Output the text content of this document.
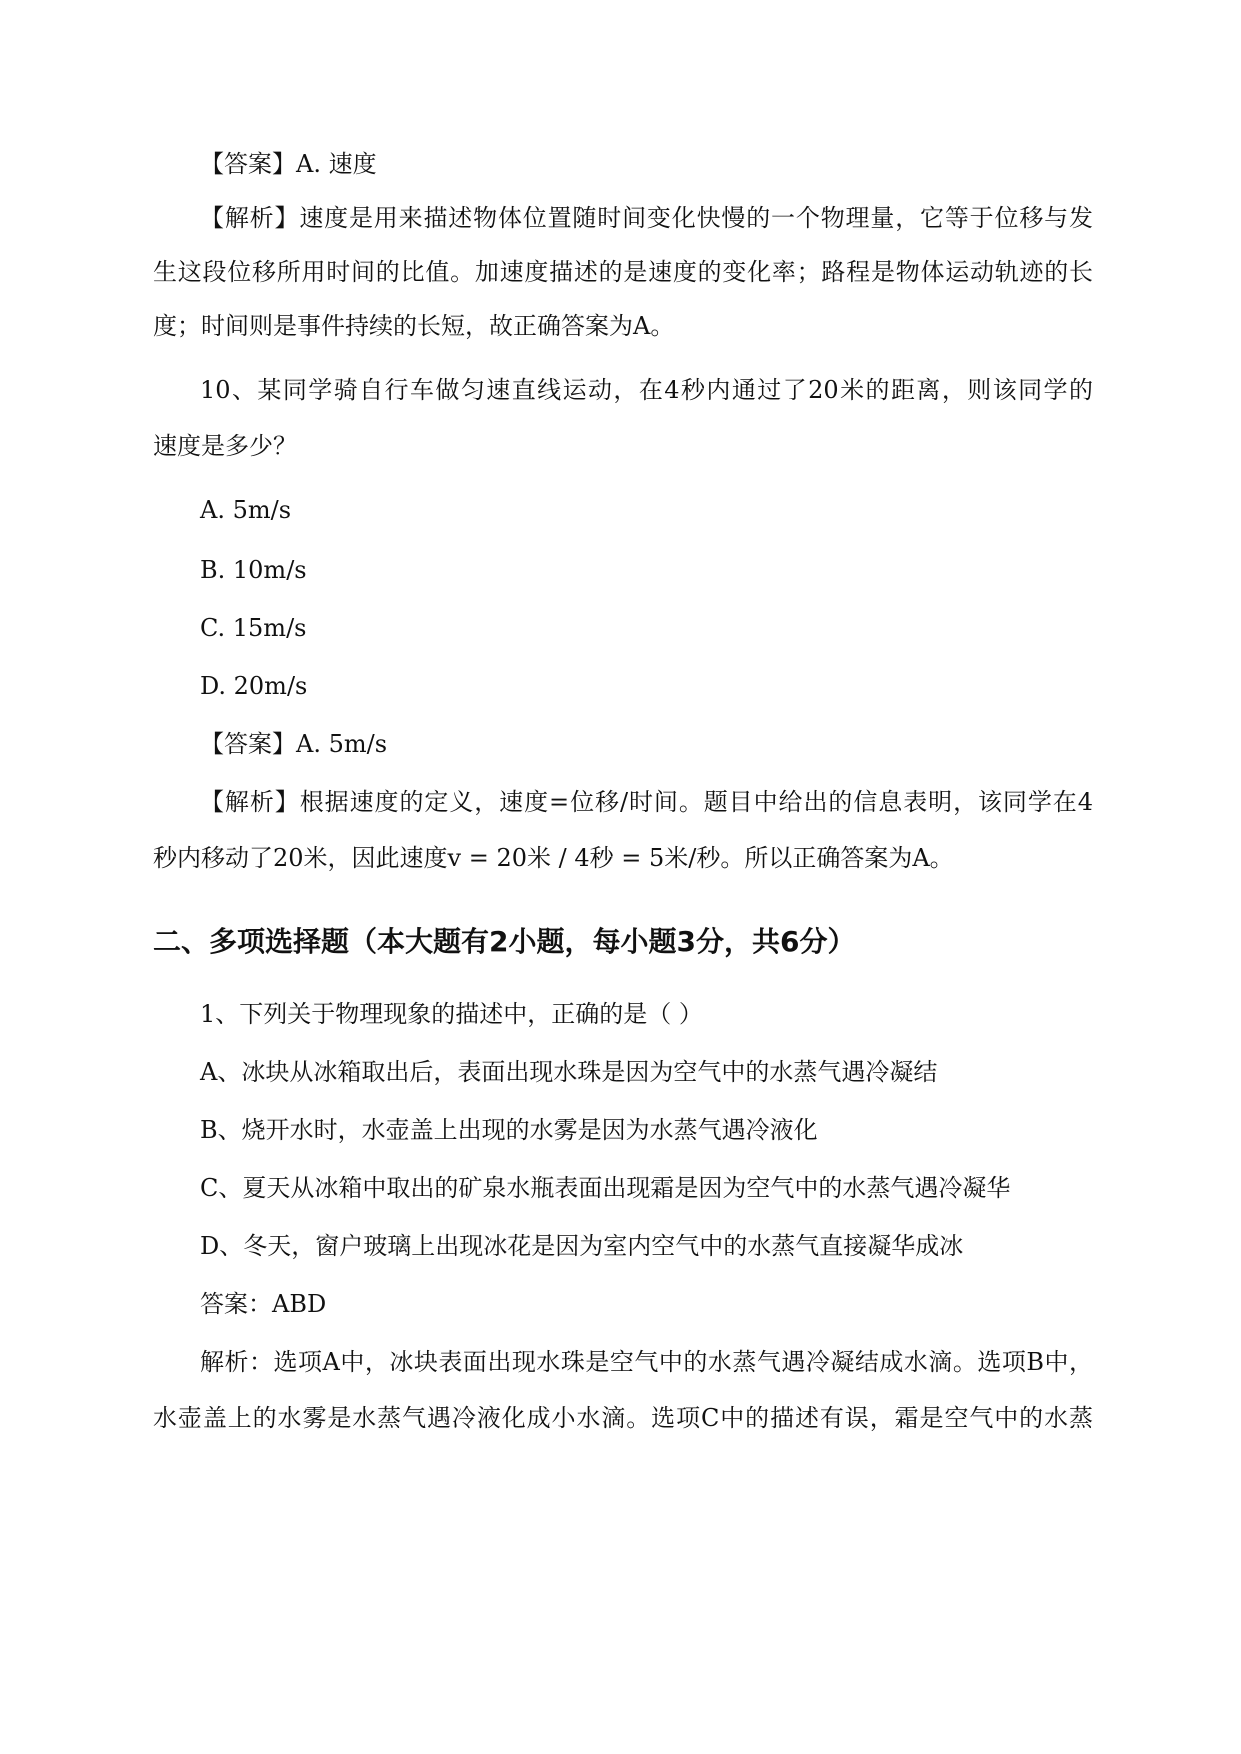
【答案】A. 速度
【解析】速度是用来描述物体位置随时间变化快慢的一个物理量，它等于位移与发
生这段位移所用时间的比值。加速度描述的是速度的变化率；路程是物体运动轨迹的长
度；时间则是事件持续的长短，故正确答案为A。
10、某同学骑自行车做匀速直线运动，在4秒内通过了20米的距离，则该同学的
速度是多少？
A. 5m/s
B. 10m/s
C. 15m/s
D. 20m/s
【答案】A. 5m/s
【解析】根据速度的定义，速度=位移/时间。题目中给出的信息表明，该同学在4
秒内移动了20米，因此速度v = 20米 / 4秒 = 5米/秒。所以正确答案为A。
二、多项选择题（本大题有2小题，每小题3分，共6分）
1、下列关于物理现象的描述中，正确的是（ ）
A、冰块从冰箱取出后，表面出现水珠是因为空气中的水蒸气遇冷凝结
B、烧开水时，水壶盖上出现的水雾是因为水蒸气遇冷液化
C、夏天从冰箱中取出的矿泉水瓶表面出现霜是因为空气中的水蒸气遇冷凝华
D、冬天，窗户玻璃上出现冰花是因为室内空气中的水蒸气直接凝华成冰
答案：ABD
解析：选项A中，冰块表面出现水珠是空气中的水蒸气遇冷凝结成水滴。选项B中，
水壶盖上的水雾是水蒸气遇冷液化成小水滴。选项C中的描述有误，霜是空气中的水蒸
